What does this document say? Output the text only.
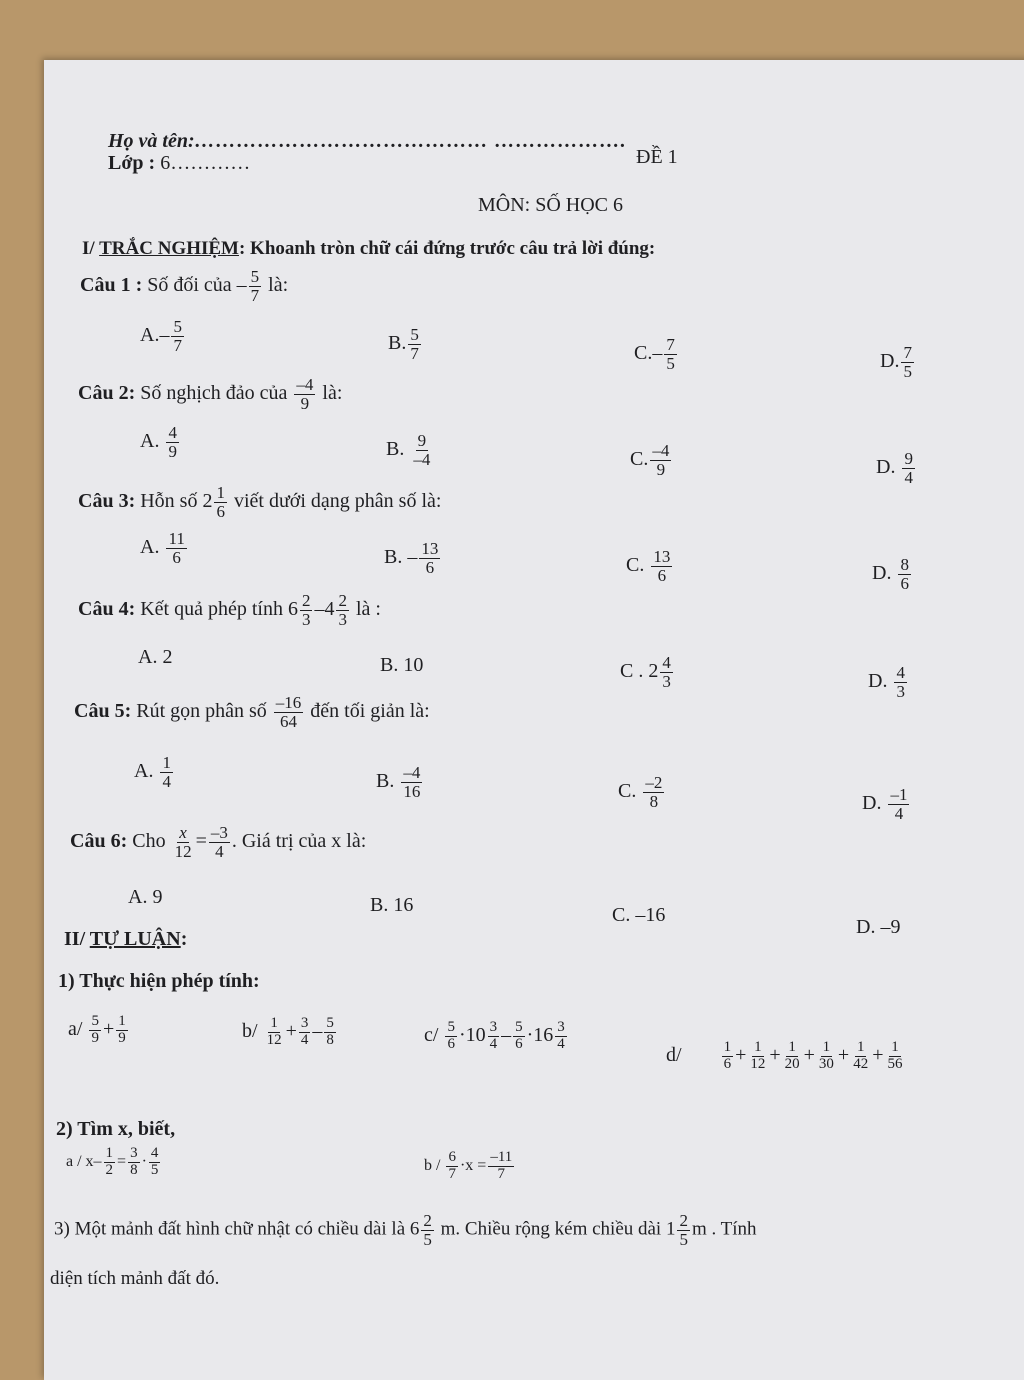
Họ và tên:…………………………………… ……………….
Lớp : 6…………	ĐỀ 1
MÔN: SỐ HỌC 6
I/ TRẮC NGHIỆM: Khoanh tròn chữ cái đứng trước câu trả lời đúng:
Câu 1 : Số đối của – $\frac{5}{7}$ là:
$A.- \frac{5}{7}$	B. $\frac{5}{7}$	$C.- \frac{7}{5}$	D. $\frac{7}{5}$
Câu 2: Số nghịch đảo của $\frac{-4}{9}$ là:
A. $\frac{4}{9}$	B. $\frac{9}{-4}$	C. $\frac{-4}{9}$	D. $\frac{9}{4}$
Câu 3: Hỗn số $2 \frac{1}{6}$ viết dưới dạng phân số là:
A. $\frac{11}{6}$	B. – $\frac{13}{6}$	C. $\frac{13}{6}$	D. $\frac{8}{6}$
Câu 4: Kết quả phép tính $6 \frac{2}{3} -4 \frac{2}{3}$ là :
A. 2	B. 10	C . $2 \frac{4}{3}$	D. $\frac{4}{3}$
Câu 5: Rút gọn phân số $\frac{-16}{64}$ đến tối giản là:
A. $\frac{1}{4}$	B. $\frac{-4}{16}$	C. $\frac{-2}{8}$	D. $\frac{-1}{4}$
Câu 6: Cho $\frac{x}{12} = \frac{-3}{4}$ . Giá trị của x là:
A. 9	B. 16	C. –16
D. –9
II/ TỰ LUẬN:
1) Thực hiện phép tính:
$a/ \frac{5}{9} + \frac{1}{9}$	$b/ \frac{1}{12} + \frac{3}{4} - \frac{5}{8}$	$c/ \frac{5}{6} \cdot 10 \frac{3}{4} - \frac{5}{6} \cdot 16 \frac{3}{4}$
d/	$\frac{1}{6} + \frac{1}{12} + \frac{1}{20} + \frac{1}{30} + \frac{1}{42} + \frac{1}{56}$
2) Tìm x, biết,
$a / x- \frac{1}{2} = \frac{3}{8} \cdot \frac{4}{5}$	$b / \frac{6}{7} \cdot x = \frac{-11}{7}$
3) Một mảnh đất hình chữ nhật có chiều dài là $6 \frac{2}{5} m$. Chiều rộng kém chiều dài $1 \frac{2}{5}$ m . Tính
diện tích mảnh đất đó.
